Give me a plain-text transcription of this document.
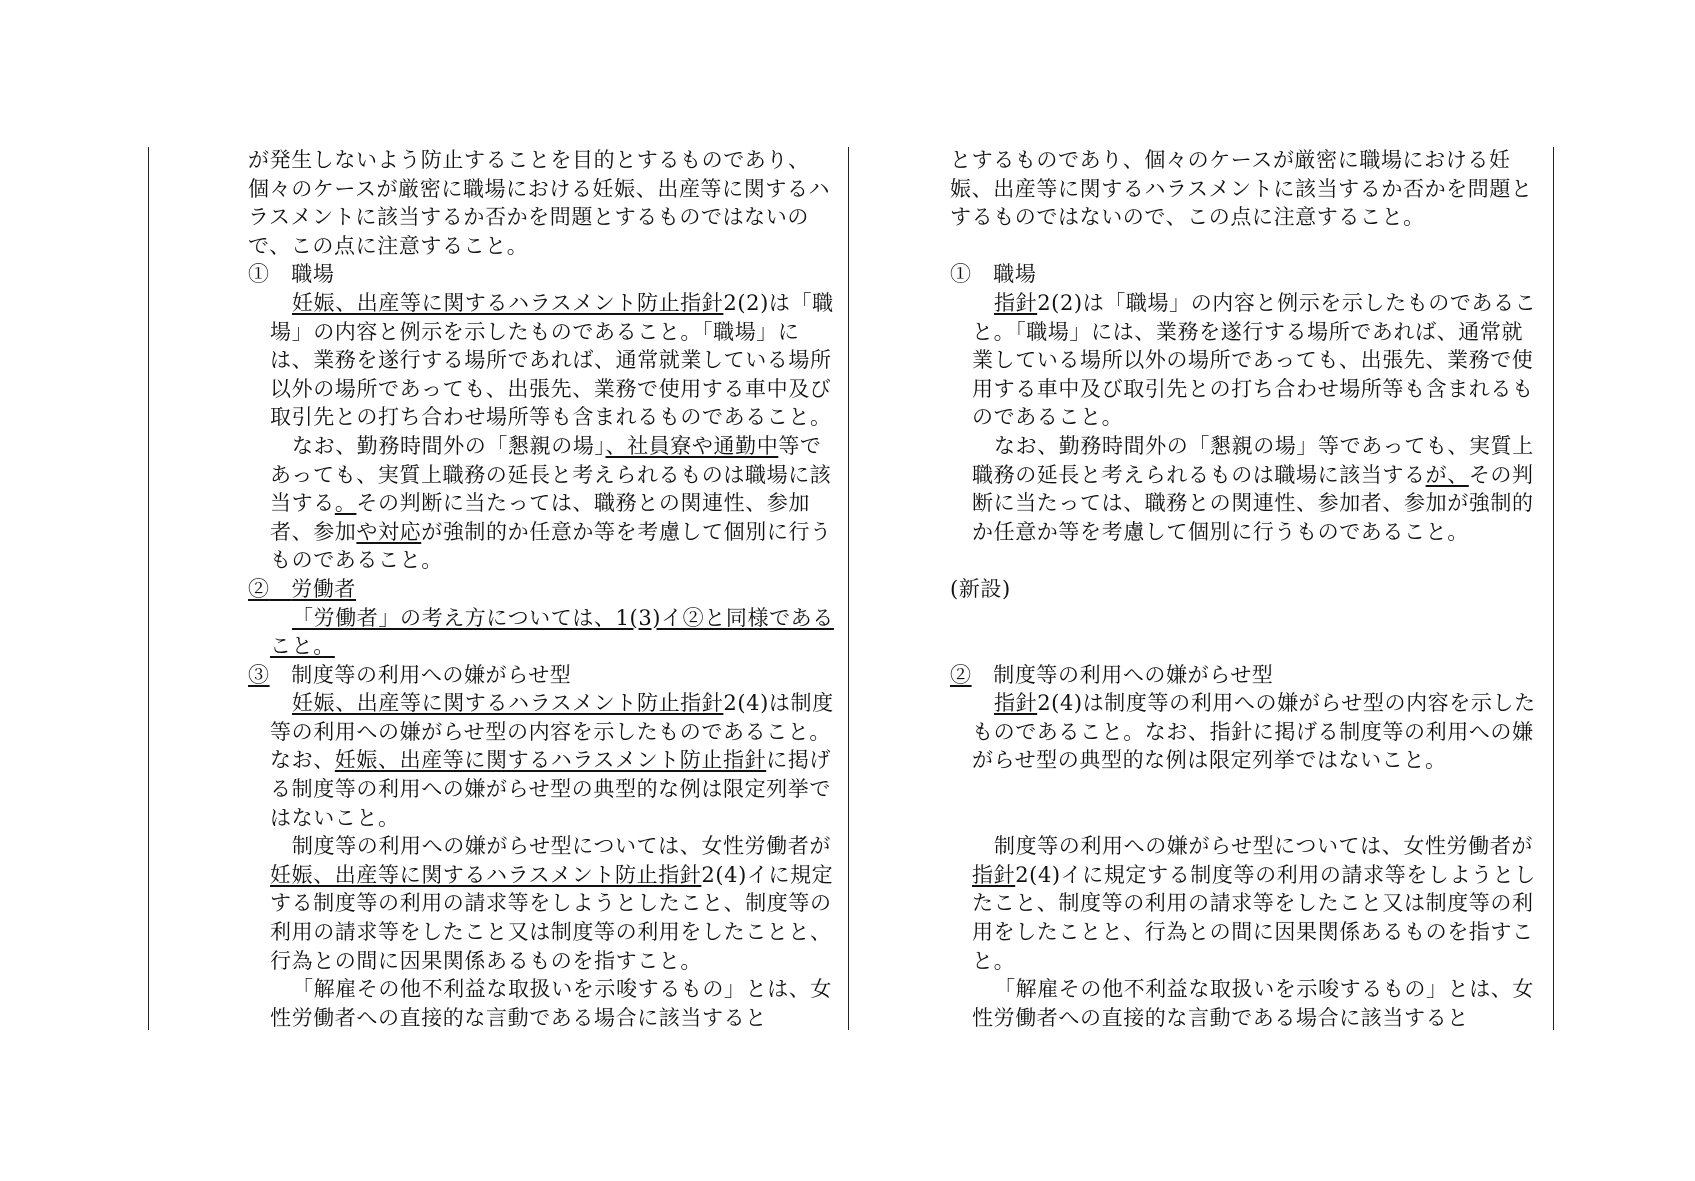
が発生しないよう防止することを目的とするものであり、個々のケースが厳密に職場における妊娠、出産等に関するハラスメントに該当するか否かを問題とするものではないので、この点に注意すること。

①　 職場

妊娠、出産等に関するハラスメント防止指針2(2)は「職場」の内容と例示を示したものであること。「職場」には、業務を遂行する場所であれば、通常就業している場所以外の場所であっても、出張先、業務で使用する車中及び取引先との打ち合わせ場所等も含まれるものであること。

なお、勤務時間外の「懇親の場」、社員寮や通勤中等であっても、実質上職務の延長と考えられるものは職場に該当する。その判断に当たっては、職務との関連性、参加者、参加や対応が強制的か任意か等を考慮して個別に行うものであること。

②　 労働者

「労働者」の考え方については、1(3)イ②と同様であること。

③　 制度等の利用への嫌がらせ型

妊娠、出産等に関するハラスメント防止指針2(4)は制度等の利用への嫌がらせ型の内容を示したものであること。なお、妊娠、出産等に関するハラスメント防止指針に掲げる制度等の利用への嫌がらせ型の典型的な例は限定列挙ではないこと。

制度等の利用への嫌がらせ型については、女性労働者が妊娠、出産等に関するハラスメント防止指針2(4)イに規定する制度等の利用の請求等をしようとしたこと、制度等の利用の請求等をしたこと又は制度等の利用をしたことと、行為との間に因果関係あるものを指すこと。

「解雇その他不利益な取扱いを示唆するもの」とは、女性労働者への直接的な言動である場合に該当すると

とするものであり、個々のケースが厳密に職場における妊娠、出産等に関するハラスメントに該当するか否かを問題とするものではないので、この点に注意すること。

①　 職場

指針2(2)は「職場」の内容と例示を示したものであること。「職場」には、業務を遂行する場所であれば、通常就業している場所以外の場所であっても、出張先、業務で使用する車中及び取引先との打ち合わせ場所等も含まれるものであること。

なお、勤務時間外の「懇親の場」等であっても、実質上職務の延長と考えられるものは職場に該当するが、その判断に当たっては、職務との関連性、参加者、参加が強制的か任意か等を考慮して個別に行うものであること。

(新設)

②　 制度等の利用への嫌がらせ型

指針2(4)は制度等の利用への嫌がらせ型の内容を示したものであること。なお、指針に掲げる制度等の利用への嫌がらせ型の典型的な例は限定列挙ではないこと。

制度等の利用への嫌がらせ型については、女性労働者が指針2(4)イに規定する制度等の利用の請求等をしようとしたこと、制度等の利用の請求等をしたこと又は制度等の利用をしたことと、行為との間に因果関係あるものを指すこと。

「解雇その他不利益な取扱いを示唆するもの」とは、女性労働者への直接的な言動である場合に該当すると
